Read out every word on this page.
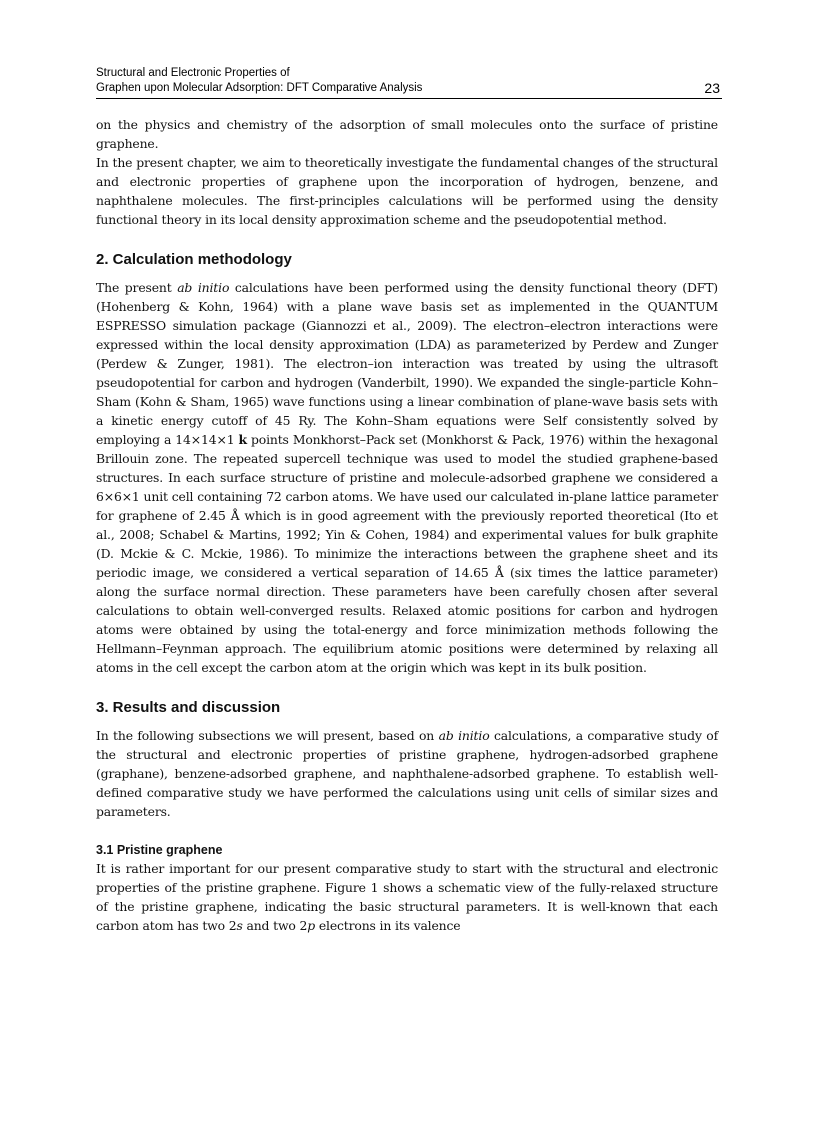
Structural and Electronic Properties of
Graphen upon Molecular Adsorption: DFT Comparative Analysis	23

on the physics and chemistry of the adsorption of small molecules onto the surface of pristine graphene.

In the present chapter, we aim to theoretically investigate the fundamental changes of the structural and electronic properties of graphene upon the incorporation of hydrogen, benzene, and naphthalene molecules. The first-principles calculations will be performed using the density functional theory in its local density approximation scheme and the pseudopotential method.

2. Calculation methodology

The present ab initio calculations have been performed using the density functional theory (DFT) (Hohenberg & Kohn, 1964) with a plane wave basis set as implemented in the QUANTUM ESPRESSO simulation package (Giannozzi et al., 2009). The electron–electron interactions were expressed within the local density approximation (LDA) as parameterized by Perdew and Zunger (Perdew & Zunger, 1981). The electron–ion interaction was treated by using the ultrasoft pseudopotential for carbon and hydrogen (Vanderbilt, 1990). We expanded the single-particle Kohn–Sham (Kohn & Sham, 1965) wave functions using a linear combination of plane-wave basis sets with a kinetic energy cutoff of 45 Ry. The Kohn–Sham equations were Self consistently solved by employing a 14×14×1 k points Monkhorst–Pack set (Monkhorst & Pack, 1976) within the hexagonal Brillouin zone. The repeated supercell technique was used to model the studied graphene-based structures. In each surface structure of pristine and molecule-adsorbed graphene we considered a 6×6×1 unit cell containing 72 carbon atoms. We have used our calculated in-plane lattice parameter for graphene of 2.45 Å which is in good agreement with the previously reported theoretical (Ito et al., 2008; Schabel & Martins, 1992; Yin & Cohen, 1984) and experimental values for bulk graphite (D. Mckie & C. Mckie, 1986). To minimize the interactions between the graphene sheet and its periodic image, we considered a vertical separation of 14.65 Å (six times the lattice parameter) along the surface normal direction. These parameters have been carefully chosen after several calculations to obtain well-converged results. Relaxed atomic positions for carbon and hydrogen atoms were obtained by using the total-energy and force minimization methods following the Hellmann–Feynman approach. The equilibrium atomic positions were determined by relaxing all atoms in the cell except the carbon atom at the origin which was kept in its bulk position.

3. Results and discussion

In the following subsections we will present, based on ab initio calculations, a comparative study of the structural and electronic properties of pristine graphene, hydrogen-adsorbed graphene (graphane), benzene-adsorbed graphene, and naphthalene-adsorbed graphene. To establish well-defined comparative study we have performed the calculations using unit cells of similar sizes and parameters.

3.1 Pristine graphene

It is rather important for our present comparative study to start with the structural and electronic properties of the pristine graphene. Figure 1 shows a schematic view of the fully-relaxed structure of the pristine graphene, indicating the basic structural parameters. It is well-known that each carbon atom has two 2s and two 2p electrons in its valence
